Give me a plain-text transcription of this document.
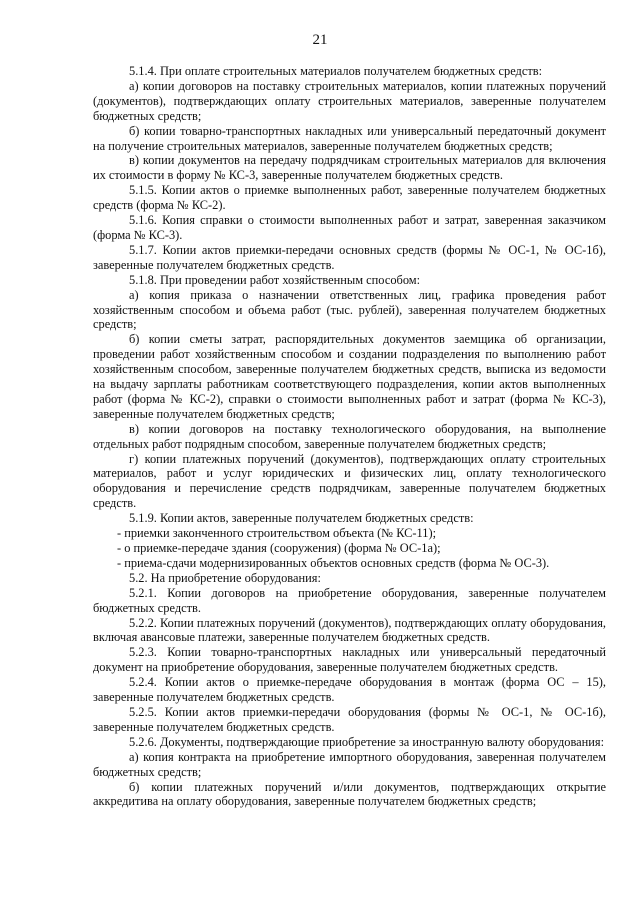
21

5.1.4. При оплате строительных материалов получателем бюджетных средств:

а) копии договоров на поставку строительных материалов, копии платежных поручений (документов), подтверждающих оплату строительных материалов, заверенные получателем бюджетных средств;

б) копии товарно-транспортных накладных или универсальный передаточный документ на получение строительных материалов, заверенные получателем бюджетных средств;

в) копии документов на передачу подрядчикам строительных материалов для включения их стоимости в форму № КС-3, заверенные получателем бюджетных средств.

5.1.5. Копии актов о приемке выполненных работ, заверенные получателем бюджетных средств (форма № КС-2).

5.1.6. Копия справки о стоимости выполненных работ и затрат, заверенная заказчиком (форма № КС-3).

5.1.7. Копии актов приемки-передачи основных средств (формы № ОС-1, № ОС-1б), заверенные получателем бюджетных средств.

5.1.8. При проведении работ хозяйственным способом:

а) копия приказа о назначении ответственных лиц, графика проведения работ хозяйственным способом и объема работ (тыс. рублей), заверенная получателем бюджетных средств;

б) копии сметы затрат, распорядительных документов заемщика об организации, проведении работ хозяйственным способом и создании подразделения по выполнению работ хозяйственным способом, заверенные получателем бюджетных средств, выписка из ведомости на выдачу зарплаты работникам соответствующего подразделения, копии актов выполненных работ (форма № КС-2), справки о стоимости выполненных работ и затрат (форма № КС-3), заверенные получателем бюджетных средств;

в) копии договоров на поставку технологического оборудования, на выполнение отдельных работ подрядным способом, заверенные получателем бюджетных средств;

г) копии платежных поручений (документов), подтверждающих оплату строительных материалов, работ и услуг юридических и физических лиц, оплату технологического оборудования и перечисление средств подрядчикам, заверенные получателем бюджетных средств.

5.1.9. Копии актов, заверенные получателем бюджетных средств:

- приемки законченного строительством объекта (№ КС-11);

- о приемке-передаче здания (сооружения) (форма № ОС-1а);

- приема-сдачи модернизированных объектов основных средств (форма № ОС-3).

5.2. На приобретение оборудования:

5.2.1. Копии договоров на приобретение оборудования, заверенные получателем бюджетных средств.

5.2.2. Копии платежных поручений (документов), подтверждающих оплату оборудования, включая авансовые платежи, заверенные получателем бюджетных средств.

5.2.3. Копии товарно-транспортных накладных или универсальный передаточный документ на приобретение оборудования, заверенные получателем бюджетных средств.

5.2.4. Копии актов о приемке-передаче оборудования в монтаж (форма ОС – 15), заверенные получателем бюджетных средств.

5.2.5. Копии актов приемки-передачи оборудования (формы № ОС-1, № ОС-1б), заверенные получателем бюджетных средств.

5.2.6. Документы, подтверждающие приобретение за иностранную валюту оборудования:

а) копия контракта на приобретение импортного оборудования, заверенная получателем бюджетных средств;

б) копии платежных поручений и/или документов, подтверждающих открытие аккредитива на оплату оборудования, заверенные получателем бюджетных средств;
